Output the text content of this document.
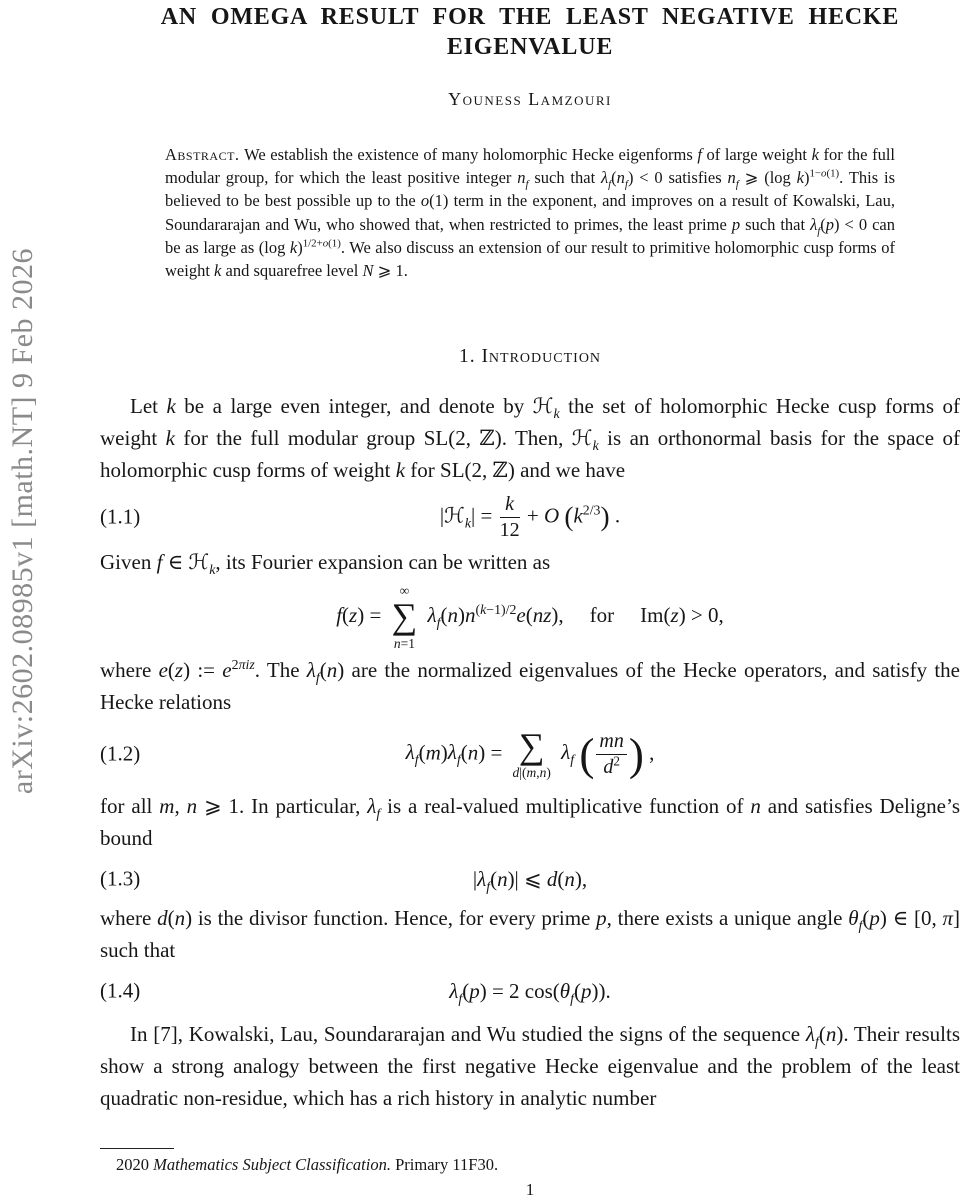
arXiv:2602.08985v1 [math.NT] 9 Feb 2026
AN OMEGA RESULT FOR THE LEAST NEGATIVE HECKE
EIGENVALUE
Youness Lamzouri

Abstract. We establish the existence of many holomorphic Hecke eigenforms f of large weight k for the full modular group, for which the least positive integer $n_f$ such that $\lambda_f(n_f) < 0$ satisfies $n_f$ ⩾ (log k)$^{1-o(1)}$. This is believed to be best possible up to the o(1) term in the exponent, and improves on a result of Kowalski, Lau, Soundararajan and Wu, who showed that, when restricted to primes, the least prime p such that $\lambda_f(p) < 0$ can be as large as (log k)$^{1/2+o(1)}$. We also discuss an extension of our result to primitive holomorphic cusp forms of weight k and squarefree level N ⩾ 1.

1. Introduction

Let k be a large even integer, and denote by ℋ$_k$ the set of holomorphic Hecke cusp forms of weight k for the full modular group SL(2, ℤ). Then, ℋ$_k$ is an orthonormal basis for the space of holomorphic cusp forms of weight k for SL(2, ℤ) and we have

(1.1)	|ℋ$_k$| = $\frac{k}{12} + O$ $(k^{2/3})$ .

Given f ∈ ℋ$_k$, its Fourier expansion can be written as

f(z) =
∞
∑
n=1
$\lambda_f(n)n^{(k-1)/2}e(nz)$, for Im(z) > 0,

where e(z) := $e^{2\pi iz}$. The $\lambda_f(n)$ are the normalized eigenvalues of the Hecke operators, and satisfy the Hecke relations

(1.2)	$\lambda_f(m)\lambda_f(n)$ = ∑
d|(m,n)
$\lambda_f$ ( $\frac{mn}{d^2}$ ) ,

for all m, n ⩾ 1. In particular, $\lambda_f$ is a real-valued multiplicative function of n and satisfies Deligne’s bound

(1.3)	$|\lambda_f(n)|$ ⩽ d(n),

where d(n) is the divisor function. Hence, for every prime p, there exists a unique angle $\theta_f(p)$ ∈ [0, π] such that

(1.4)	$\lambda_f(p) = 2$ $\cos(\theta_f(p))$.

In [7], Kowalski, Lau, Soundararajan and Wu studied the signs of the sequence $\lambda_f(n)$. Their results show a strong analogy between the first negative Hecke eigenvalue and the problem of the least quadratic non-residue, which has a rich history in analytic number

2020 Mathematics Subject Classification. Primary 11F30.
1
